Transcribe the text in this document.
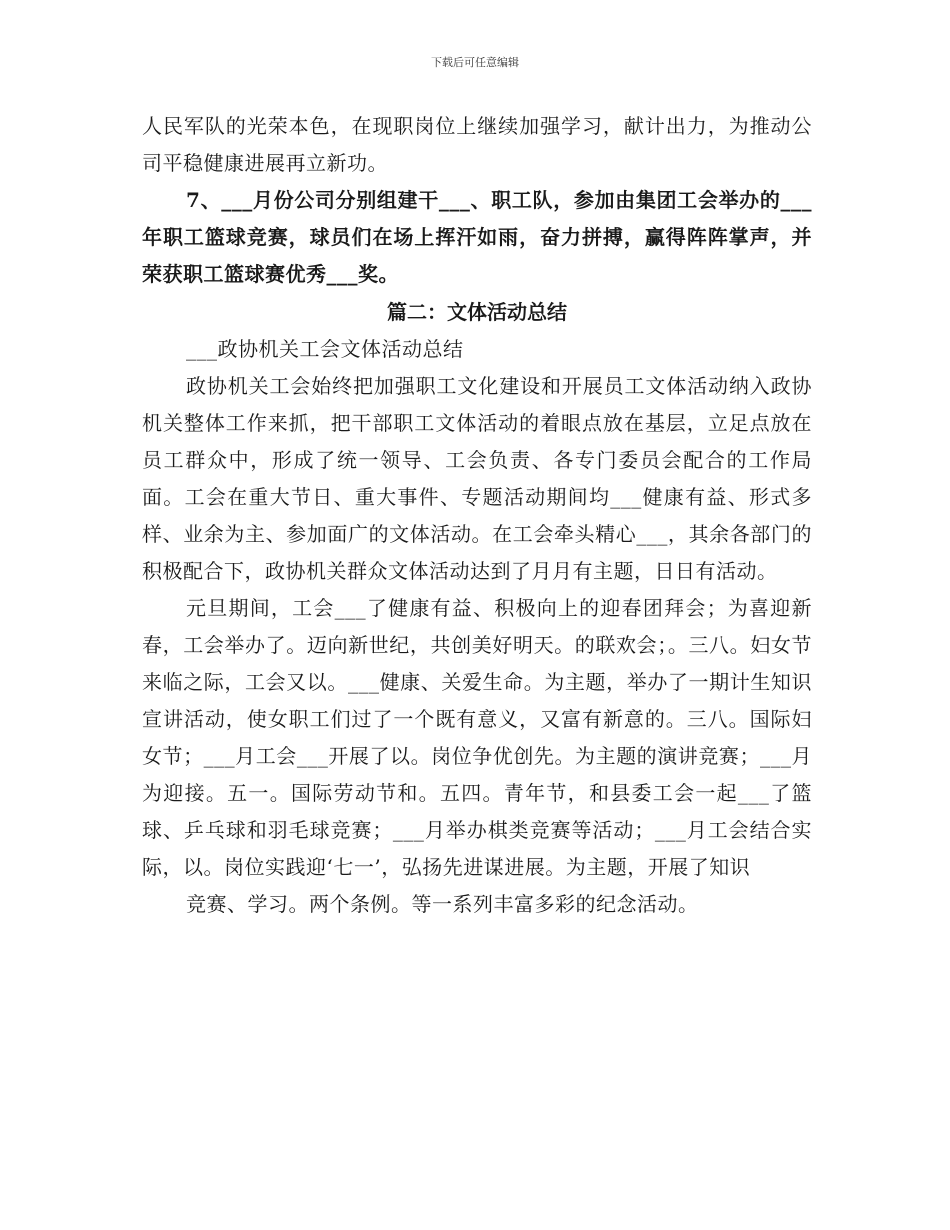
下载后可任意编辑

人民军队的光荣本色，在现职岗位上继续加强学习，献计出力，为推动公司平稳健康进展再立新功。

7、___月份公司分别组建干___、职工队，参加由集团工会举办的___年职工篮球竞赛，球员们在场上挥汗如雨，奋力拼搏，赢得阵阵掌声，并荣获职工篮球赛优秀___奖。

篇二：文体活动总结

___政协机关工会文体活动总结

政协机关工会始终把加强职工文化建设和开展员工文体活动纳入政协机关整体工作来抓，把干部职工文体活动的着眼点放在基层，立足点放在员工群众中，形成了统一领导、工会负责、各专门委员会配合的工作局面。工会在重大节日、重大事件、专题活动期间均___健康有益、形式多样、业余为主、参加面广的文体活动。在工会牵头精心___，其余各部门的积极配合下，政协机关群众文体活动达到了月月有主题，日日有活动。

元旦期间，工会___了健康有益、积极向上的迎春团拜会；为喜迎新春，工会举办了。迈向新世纪，共创美好明天。的联欢会；。三八。妇女节来临之际，工会又以。___健康、关爱生命。为主题，举办了一期计生知识宣讲活动，使女职工们过了一个既有意义，又富有新意的。三八。国际妇女节；___月工会___开展了以。岗位争优创先。为主题的演讲竞赛；___月为迎接。五一。国际劳动节和。五四。青年节，和县委工会一起___了篮球、乒乓球和羽毛球竞赛；___月举办棋类竞赛等活动；___月工会结合实际，以。岗位实践迎‘七一’，弘扬先进谋进展。为主题，开展了知识

竞赛、学习。两个条例。等一系列丰富多彩的纪念活动。
